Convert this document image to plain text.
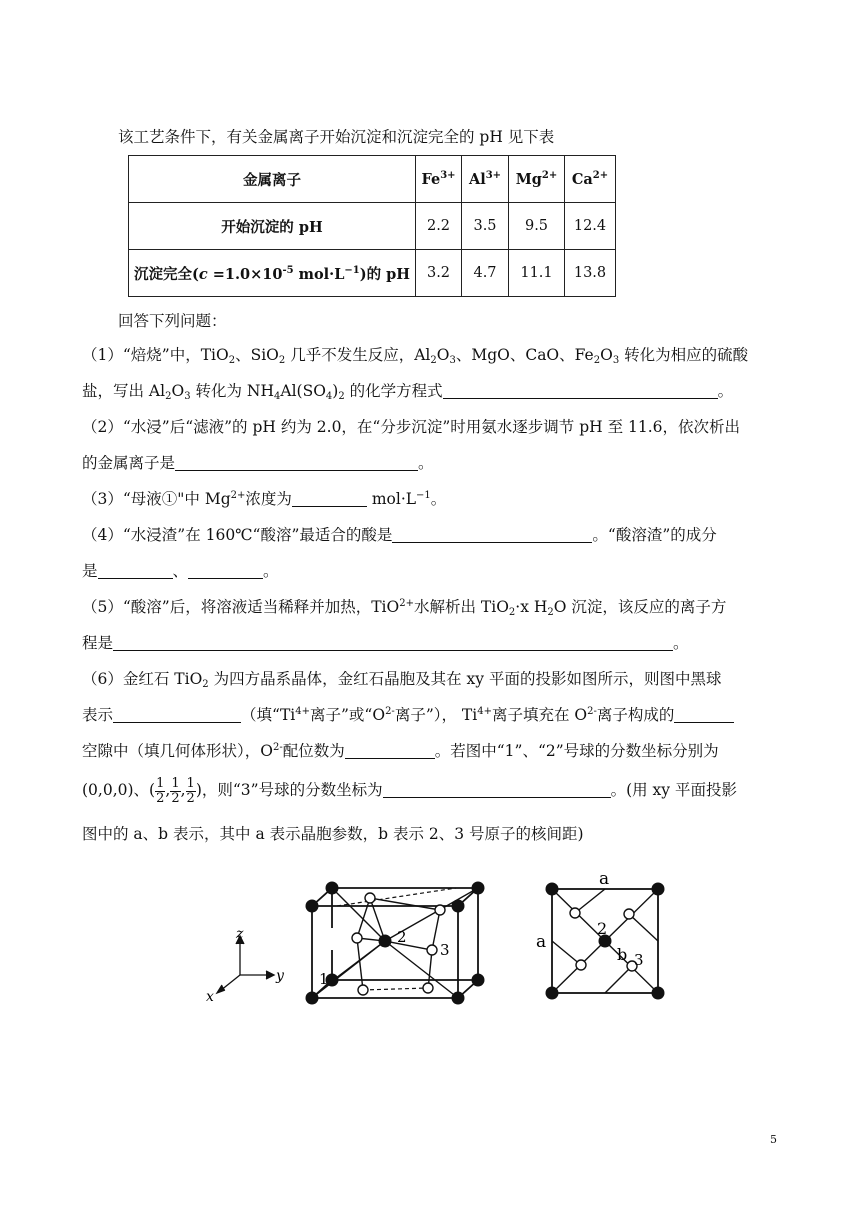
该工艺条件下，有关金属离子开始沉淀和沉淀完全的 pH 见下表
金属离子	$Fe^{3+}$	$Al^{3+}$	$Mg^{2+}$	$Ca^{2+}$
开始沉淀的 pH	2.2	3.5	9.5	12.4
沉淀完全($c =1.0\times 10^{-5}$ $mol\cdot L^{-1}$)的 pH	3.2	4.7	11.1	13.8
回答下列问题：
（1）“焙烧”中，TiO$_2$、SiO$_2$ 几乎不发生反应，$Al_2O_3$、MgO、CaO、$Fe_2O_3$ 转化为相应的硫酸
盐，写出 $Al_2O_3$ 转化为 $NH_4Al(SO_4)_2$ 的化学方程式	。
（2）“水浸”后“滤液”的 pH 约为 2.0，在“分步沉淀”时用氨水逐步调节 pH 至 11.6，依次析出
的金属离子是	。
（3）“母液①"中 $Mg^{2+}$浓度为	$mol\cdot L^{-1}$。
（4）“水浸渣”在 160℃“酸溶”最适合的酸是	。“酸溶渣”的成分
是	、	。
（5）“酸溶”后，将溶液适当稀释并加热，TiO$^{2+}$水解析出 TiO$_2$·x $H_2O$ 沉淀，该反应的离子方
程是	。
（6）金红石 TiO$_2$ 为四方晶系晶体，金红石晶胞及其在 xy 平面的投影如图所示，则图中黑球
表示	（填“$Ti^{4+}$离子”或“$O^{2-}$离子”）， $Ti^{4+}$离子填充在 $O^{2-}$离子构成的
空隙中（填几何体形状），$O^{2-}$配位数为	。若图中“1”、“2”号球的分数坐标分别为
(0,0,0)、( $\frac{1}{2}$ , $\frac{1}{2}$ , $\frac{1}{2}$ )，则“3”号球的分数坐标为	。(用 xy 平面投影
图中的 a、b 表示，其中 a 表示晶胞参数，b 表示 2、3 号原子的核间距)
z
y
x
1
2
3
a
a
2
b 3
5
